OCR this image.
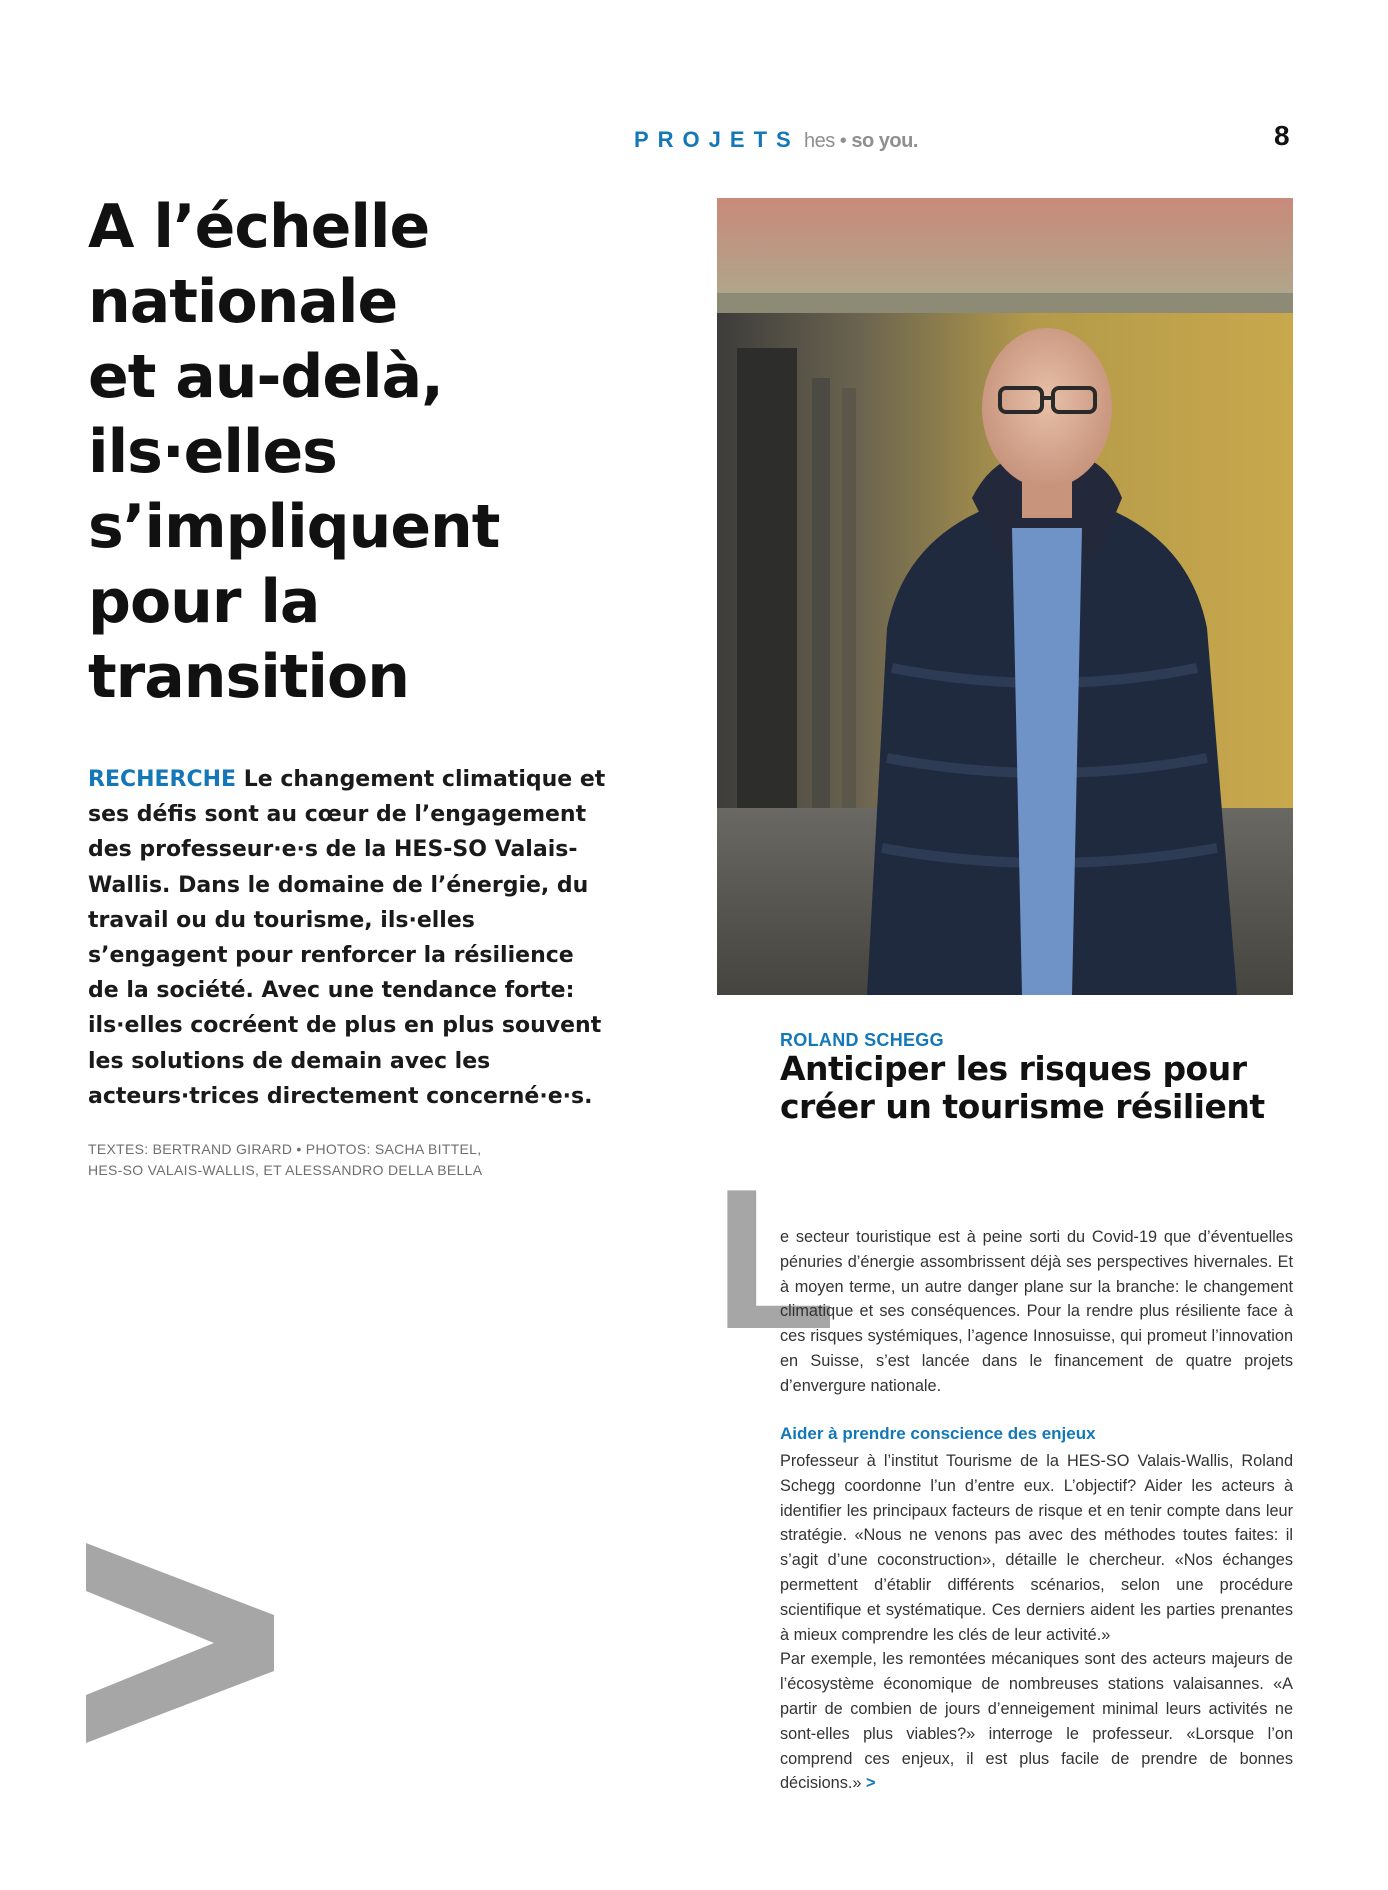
PROJETS hes • so you.	8
A l’échelle
nationale
et au-delà,
ils·elles
s’impliquent
pour la
transition

RECHERCHE Le changement climatique et ses défis sont au cœur de l’engagement des professeur·e·s de la HES-SO Valais-Wallis. Dans le domaine de l’énergie, du travail ou du tourisme, ils·elles s’engagent pour renforcer la résilience de la société. Avec une tendance forte: ils·elles cocréent de plus en plus souvent les solutions de demain avec les acteurs·trices directement concerné·e·s.

TEXTES: BERTRAND GIRARD • PHOTOS: SACHA BITTEL,
HES-SO VALAIS-WALLIS, ET ALESSANDRO DELLA BELLA

ROLAND SCHEGG
Anticiper les risques pour
créer un tourisme résilient
L

e secteur touristique est à peine sorti du Covid-19 que d’éventuelles pénuries d’énergie assombrissent déjà ses perspectives hivernales. Et à moyen terme, un autre danger plane sur la branche: le changement climatique et ses conséquences. Pour la rendre plus résiliente face à ces risques systémiques, l’agence Innosuisse, qui promeut l’innovation en Suisse, s’est lancée dans le financement de quatre projets d’envergure nationale.

Aider à prendre conscience des enjeux

Professeur à l’institut Tourisme de la HES-SO Valais-Wallis, Roland Schegg coordonne l’un d’entre eux. L’objectif? Aider les acteurs à identifier les principaux facteurs de risque et en tenir compte dans leur stratégie. «Nous ne venons pas avec des méthodes toutes faites: il s’agit d’une coconstruction», détaille le chercheur. «Nos échanges permettent d’établir différents scénarios, selon une procédure scientifique et systématique. Ces derniers aident les parties prenantes à mieux comprendre les clés de leur activité.»
Par exemple, les remontées mécaniques sont des acteurs majeurs de l’écosystème économique de nombreuses stations valaisannes. «A partir de combien de jours d’enneigement minimal leurs activités ne sont-elles plus viables?» interroge le professeur. «Lorsque l’on comprend ces enjeux, il est plus facile de prendre de bonnes décisions.» >
